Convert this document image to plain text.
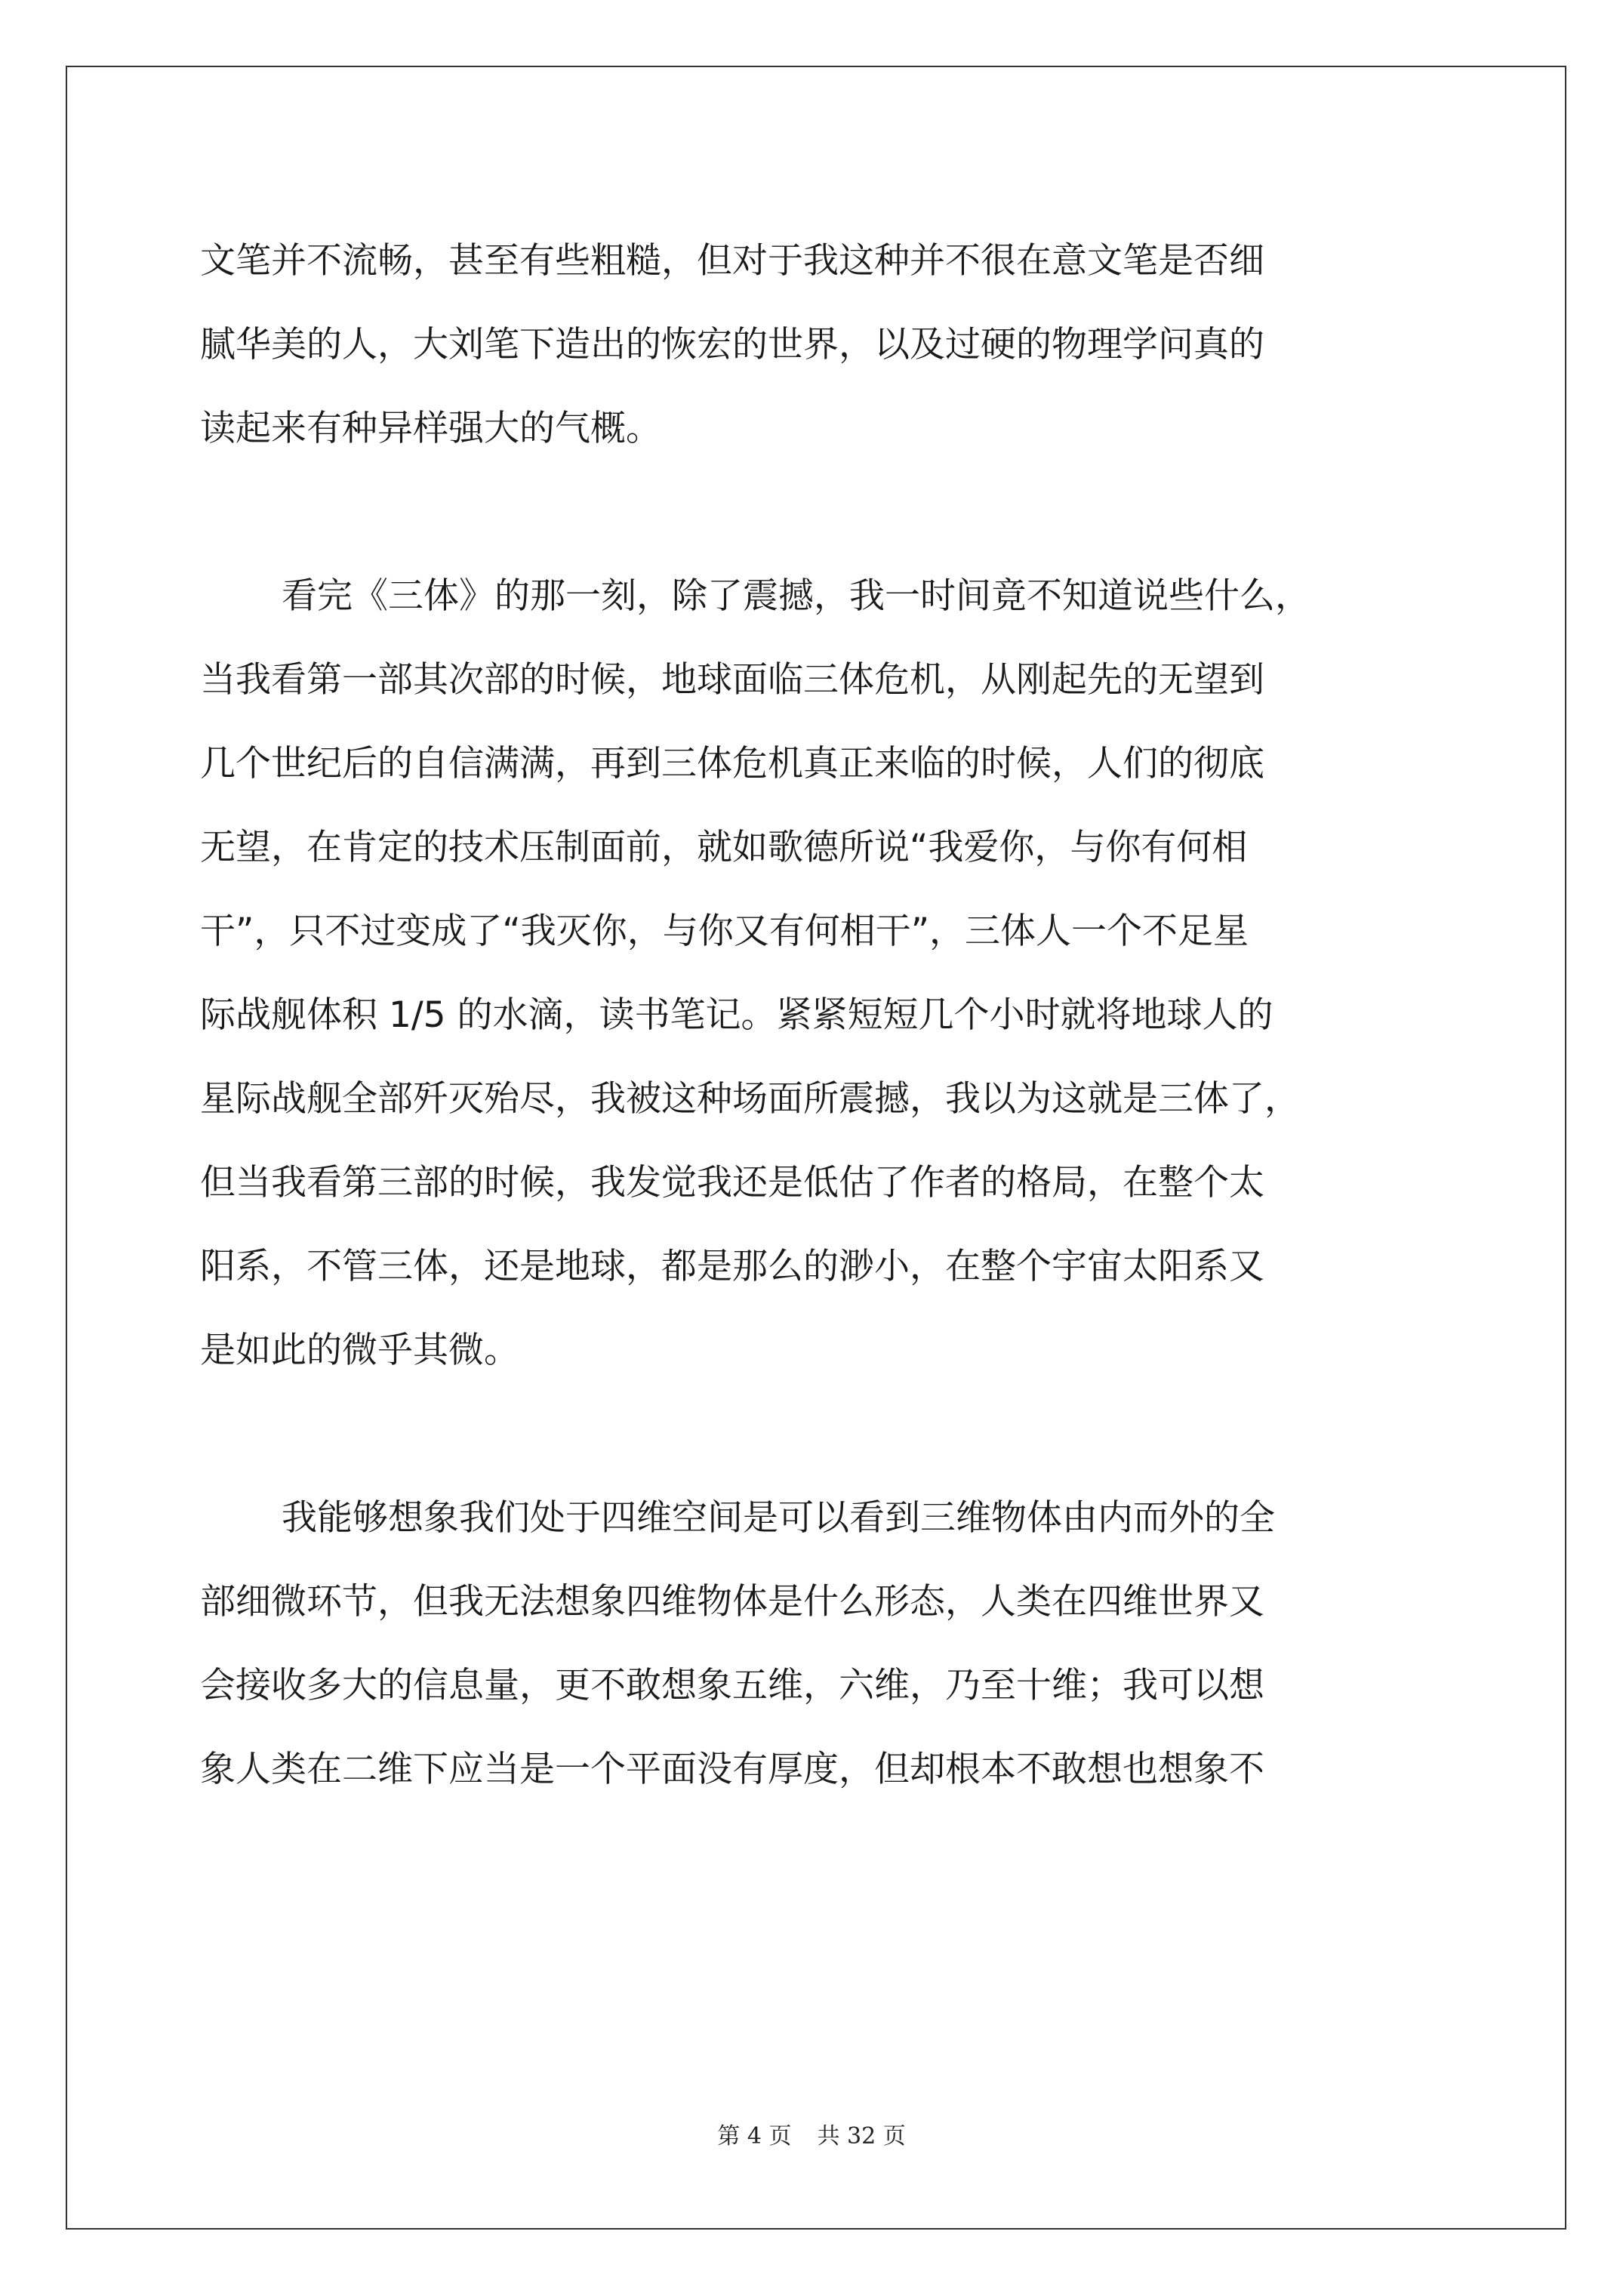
文笔并不流畅，甚至有些粗糙，但对于我这种并不很在意文笔是否细
腻华美的人，大刘笔下造出的恢宏的世界，以及过硬的物理学问真的
读起来有种异样强大的气概。
看完《三体》的那一刻，除了震撼，我一时间竟不知道说些什么，
当我看第一部其次部的时候，地球面临三体危机，从刚起先的无望到
几个世纪后的自信满满，再到三体危机真正来临的时候，人们的彻底
无望，在肯定的技术压制面前，就如歌德所说“我爱你，与你有何相
干”，只不过变成了“我灭你，与你又有何相干”，三体人一个不足星
际战舰体积 1/5 的水滴，读书笔记。紧紧短短几个小时就将地球人的
星际战舰全部歼灭殆尽，我被这种场面所震撼，我以为这就是三体了，
但当我看第三部的时候，我发觉我还是低估了作者的格局，在整个太
阳系，不管三体，还是地球，都是那么的渺小，在整个宇宙太阳系又
是如此的微乎其微。
我能够想象我们处于四维空间是可以看到三维物体由内而外的全
部细微环节，但我无法想象四维物体是什么形态，人类在四维世界又
会接收多大的信息量，更不敢想象五维，六维，乃至十维；我可以想
象人类在二维下应当是一个平面没有厚度，但却根本不敢想也想象不
第 4 页 共 32 页
